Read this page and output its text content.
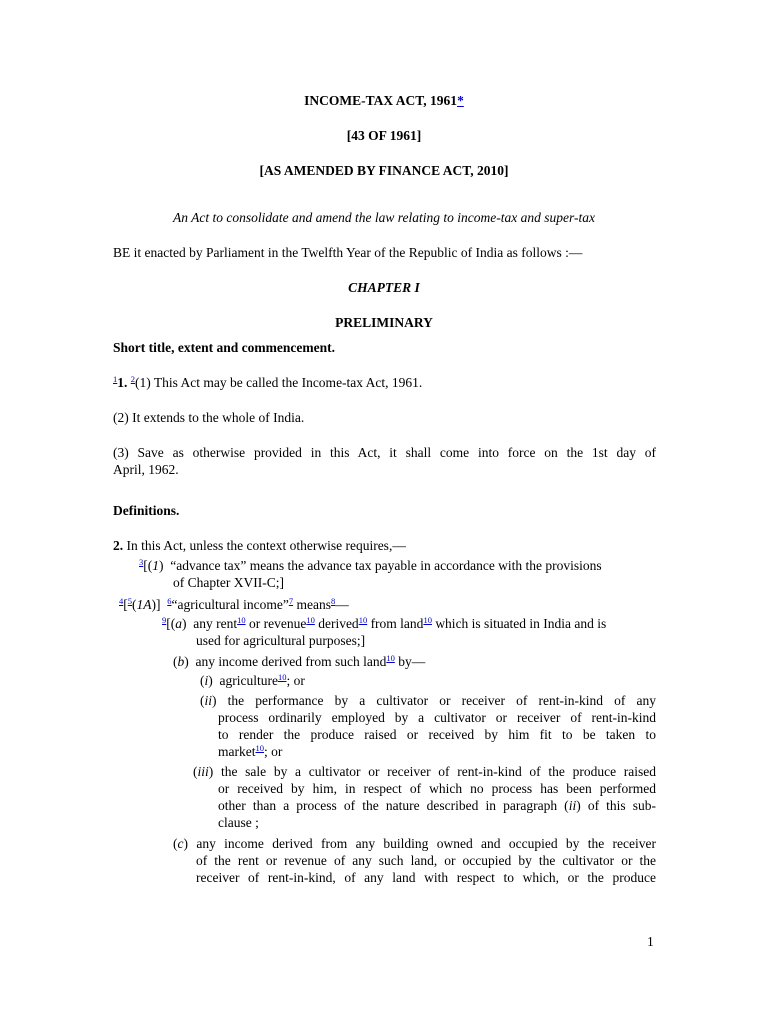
INCOME-TAX ACT, 1961*
[43 OF 1961]
[AS AMENDED BY FINANCE ACT, 2010]
An Act to consolidate and amend the law relating to income-tax and super-tax
BE it enacted by Parliament in the Twelfth Year of the Republic of India as follows :—
CHAPTER I
PRELIMINARY
Short title, extent and commencement.
$^1$1. $^2$(1) This Act may be called the Income-tax Act, 1961.
(2) It extends to the whole of India.
(3) Save as otherwise provided in this Act, it shall come into force on the 1st day of
April, 1962.
Definitions.
2. In this Act, unless the context otherwise requires,—
$^3$[(1)  “advance tax” means the advance tax payable in accordance with the provisions
of Chapter XVII-C;]
$^4$[$^5$(1A)]  $^6$“agricultural income”$^7$ means$^8$—
$^9$[(a)  any rent$^{10}$ or revenue$^{10}$ derived$^{10}$ from land$^{10}$ which is situated in India and is
used for agricultural purposes;]
(b)  any income derived from such land$^{10}$ by—
(i)  agriculture$^{10}$; or
(ii) the performance by a cultivator or receiver of rent-in-kind of any
process ordinarily employed by a cultivator or receiver of rent-in-kind
to render the produce raised or received by him fit to be taken to
market$^{10}$; or
(iii) the sale by a cultivator or receiver of rent-in-kind of the produce raised
or received by him, in respect of which no process has been performed
other than a process of the nature described in paragraph (ii) of this sub-
clause ;
(c) any income derived from any building owned and occupied by the receiver
of the rent or revenue of any such land, or occupied by the cultivator or the
receiver of rent-in-kind, of any land with respect to which, or the produce
1
